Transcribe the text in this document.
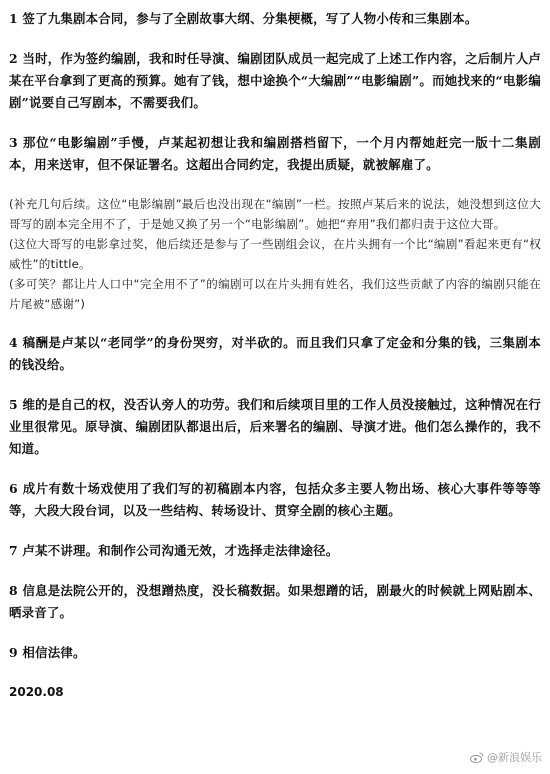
1 签了九集剧本合同，参与了全剧故事大纲、分集梗概，写了人物小传和三集剧本。

2 当时，作为签约编剧，我和时任导演、编剧团队成员一起完成了上述工作内容，之后制片人卢某在平台拿到了更高的预算。她有了钱，想中途换个“大编剧”“电影编剧”。而她找来的“电影编剧”说要自己写剧本，不需要我们。

3 那位“电影编剧”手慢，卢某起初想让我和编剧搭档留下，一个月内帮她赶完一版十二集剧本，用来送审，但不保证署名。这超出合同约定，我提出质疑，就被解雇了。

(补充几句后续。这位“电影编剧”最后也没出现在“编剧”一栏。按照卢某后来的说法，她没想到这位大哥写的剧本完全用不了，于是她又换了另一个“电影编剧”。她把“弃用”我们都归责于这位大哥。

(这位大哥写的电影拿过奖，他后续还是参与了一些剧组会议，在片头拥有一个比“编剧”看起来更有“权威性”的tittle。

(多可笑？都让片人口中“完全用不了”的编剧可以在片头拥有姓名，我们这些贡献了内容的编剧只能在片尾被“感谢”)

4 稿酬是卢某以“老同学”的身份哭穷，对半砍的。而且我们只拿了定金和分集的钱，三集剧本的钱没给。

5 维的是自己的权，没否认旁人的功劳。我们和后续项目里的工作人员没接触过，这种情况在行业里很常见。原导演、编剧团队都退出后，后来署名的编剧、导演才进。他们怎么操作的，我不知道。

6 成片有数十场戏使用了我们写的初稿剧本内容，包括众多主要人物出场、核心大事件等等等等，大段大段台词，以及一些结构、转场设计、贯穿全剧的核心主题。

7 卢某不讲理。和制作公司沟通无效，才选择走法律途径。

8 信息是法院公开的，没想蹭热度，没长稿数据。如果想蹭的话，剧最火的时候就上网贴剧本、晒录音了。

9 相信法律。

2020.08

@新浪娱乐
